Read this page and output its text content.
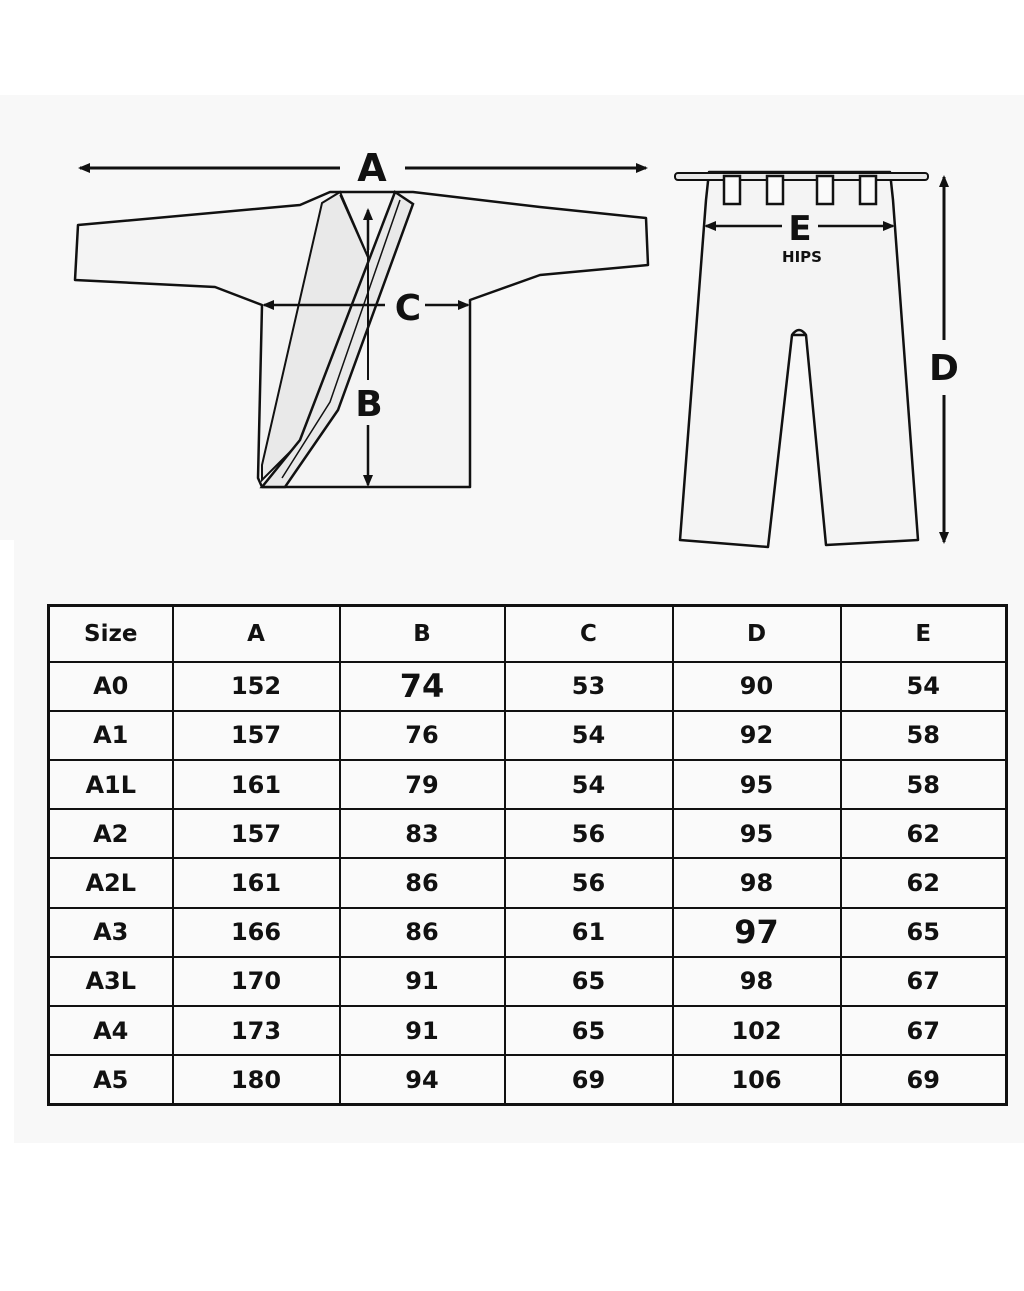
A
B
C
E
HIPS
D
Size	A	B	C	D	E
A0	152	74	53	90	54
A1	157	76	54	92	58
A1L	161	79	54	95	58
A2	157	83	56	95	62
A2L	161	86	56	98	62
A3	166	86	61	97	65
A3L	170	91	65	98	67
A4	173	91	65	102	67
A5	180	94	69	106	69
